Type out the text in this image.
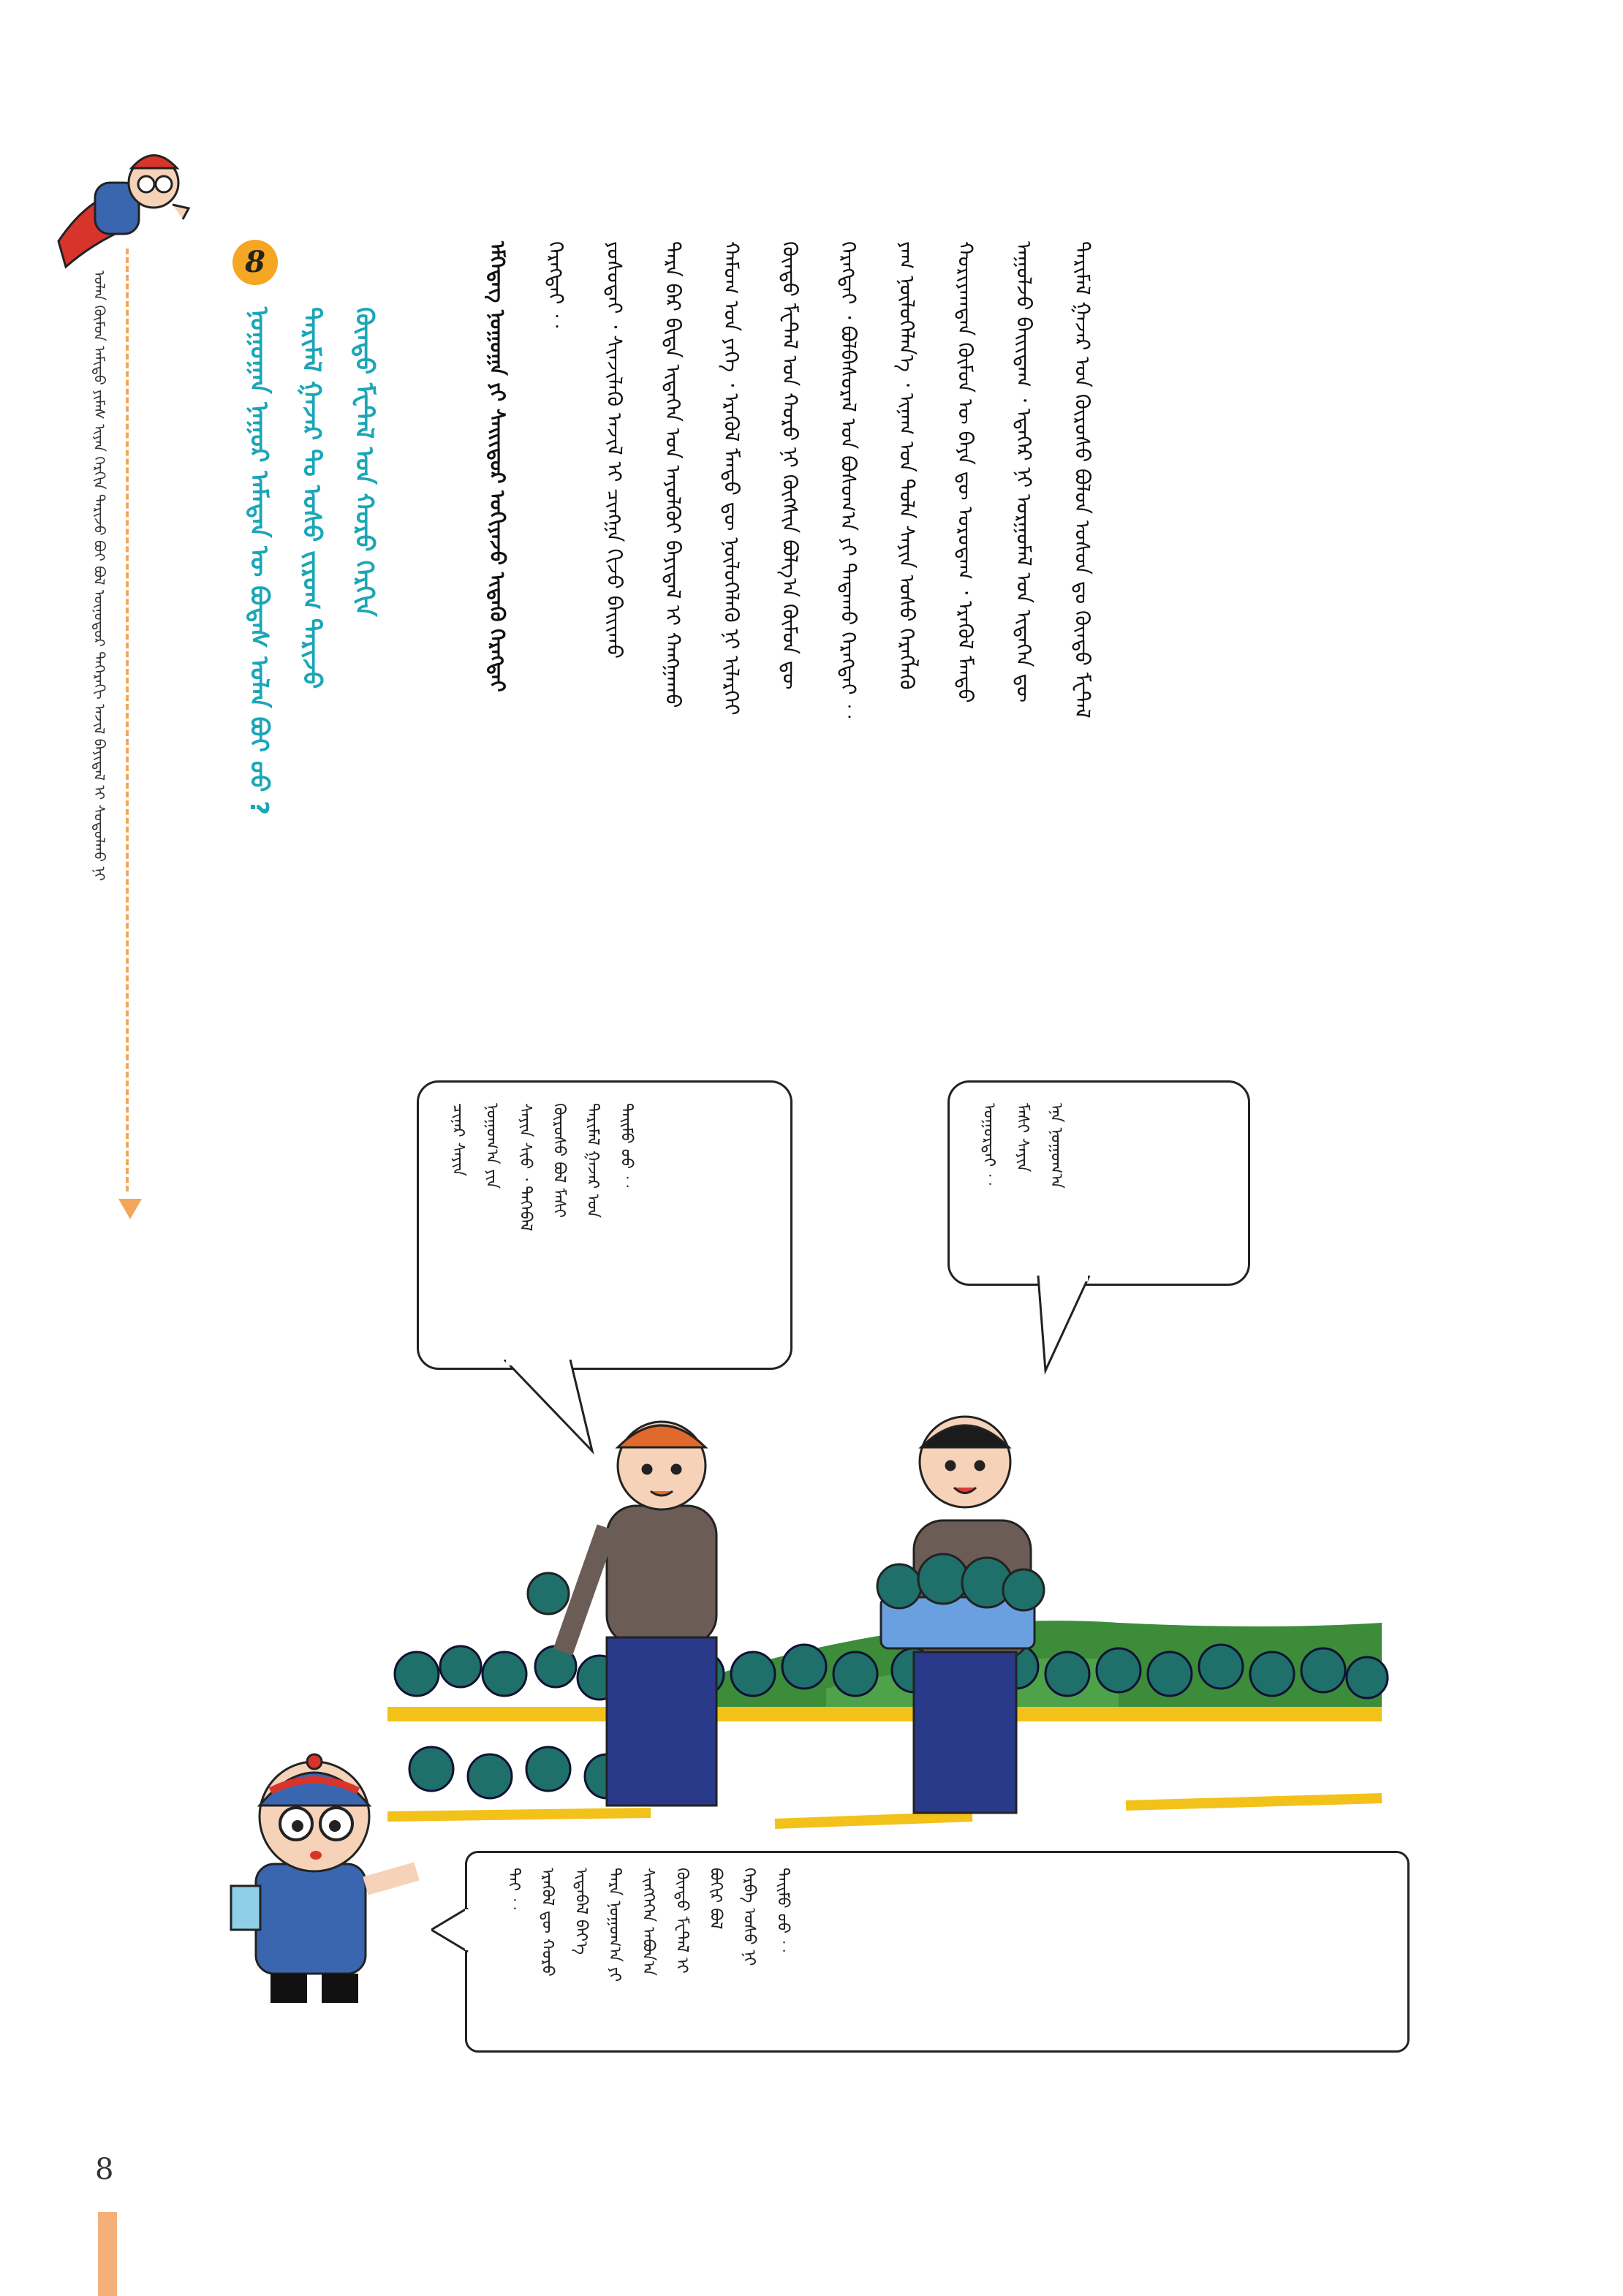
ᠤᠯᠠᠨ ᠬᠦᠮᠦᠨ ᠠᠮᠢᠳᠤ ᠶᠢᠮᠡᠰ ᠢᠶᠡᠨ ᠬᠡᠷᠬᠢᠨ ᠲᠠᠷᠢᠵᠤ ᠪᠤᠢ ᠪᠣᠯ ᠥᠨᠥᠳᠥᠷ ᠳᠡᠭᠡᠷᠡᠬᠢ ᠠᠵᠢᠯ ᠪᠠᠶᠢᠳᠠᠯ ᠢ ᠰᠤᠳᠤᠯᠬᠤ ᠨᠢ
8
ᠨᠤᠭᠤᠭᠠᠨ ᠨᠠᠭᠤᠷ ᠠᠮᠠᠲᠠᠨ ᠦ ᠪᠣᠳᠠᠰ ᠣᠯᠠᠨ ᠪᠣᠢ ᠤᠤ ? ᠲᠠᠷᠢᠮᠠᠯ ᠭᠠᠵᠠᠷ ᠲᠤ ᠤᠰᠤ ᠵᠢᠷᠤᠭ ᠲᠠᠷᠢᠵᠤ ᠬᠦᠨᠳᠦ ᠮᠧᠲ᠋ᠠᠯ ᠤᠨ ᠬᠣᠷᠤ ᠬᠡᠷᠬᠢᠨ	ᠡᠮᠬᠡᠳᠡᠭ ᠨᠣᠭᠣᠭᠠ ᠶᠢ ᠰᠠᠢᠢᠲᠤᠷ ᠤᠭᠢᠶᠠᠵᠤ ᠢᠳᠡᠬᠦ ᠬᠡᠷᠡᠭᠲᠡᠢ	ᠬᠡᠷᠡᠭᠲᠡᠢ ︰	ᠶᠤᠰᠤᠲᠠᠢ ᠂ ᠰᠢᠨᠵᠢᠯᠡᠬᠦ ᠠᠵᠢᠯ ᠢ ᠴᠢᠩᠭᠠ ᠬᠢᠵᠦ ᠪᠠᠢᠢᠬᠤ	ᠲᠡᠷᠡ ᠪᠡᠷ ᠪᠢᠳᠡ ᠢᠳᠡᠭᠡᠨ ᠤᠨ ᠠᠶᠤᠯᠭᠦᠢ ᠪᠠᠶᠢᠳᠠᠯ ᠢ ᠬᠠᠩᠭᠠᠬᠤ	ᠬᠠᠮᠤᠭ ᠤᠨ ᠶᠡᠬᠡ ᠂ ᠡᠷᠡᠭᠦᠯ ᠮᠡᠨᠳᠦ ᠳᠦ ᠨᠥᠯᠦᠭᠡᠯᠡᠬᠦ ᠨᠢ ᠢᠯᠡᠷᠬᠡᠢ	ᠬᠦᠨᠳᠦ ᠮᠧᠲ᠋ᠠᠯ ᠤᠨ ᠬᠣᠷᠤ ᠨᠢ ᠬᠥᠭᠰᠢᠨ ᠪᠣᠯᠭ᠎ᠠ ᠬᠦᠮᠦᠨ ᠳᠦ	ᠬᠡᠷᠡᠭᠲᠡᠢ ᠂ ᠪᠣᠯᠪᠠᠰᠤᠷᠠᠯ ᠤᠨ ᠪᠣᠰᠣᠭ᠎ᠠ ᠶᠢ ᠲᠠᠲᠠᠬᠤ ᠬᠡᠷᠡᠭᠲᠡᠢ ︰	ᠶᠠᠭ ᠨᠥᠯᠦᠭᠡᠯᠡᠨ᠎ᠡ ᠂ ᠢᠨᠠᠭ ᠤᠨ ᠲᠤᠯᠠ ᠰᠠᠶᠢᠨ ᠤᠰᠤ ᠬᠡᠷᠡᠭᠯᠡᠬᠦ	ᠬᠤᠷᠢᠶᠠᠭᠳᠠᠨ ᠬᠦᠮᠦᠨ ᠦ ᠪᠡᠶᠡ ᠳᠦ ᠣᠷᠣᠳᠠᠭ ᠂ ᠡᠷᠡᠭᠦᠯ ᠮᠡᠨᠳᠦ	ᠠᠭᠤᠯᠵᠤ ᠪᠠᠢᠢᠳᠠᠭ ᠂ ᠡᠳᠡᠭᠡᠷ ᠨᠢ ᠤᠷᠭᠤᠮᠠᠯ ᠤᠨ ᠢᠳᠡᠭᠡᠨ ᠳᠦ	ᠲᠠᠷᠢᠮᠠᠯ ᠭᠠᠵᠠᠷ ᠤᠨ ᠬᠥᠷᠥᠰᠦ ᠪᠣᠯᠤᠨ ᠤᠰᠤᠨ ᠳᠤ ᠬᠦᠨᠳᠦ ᠮᠧᠲ᠋ᠠᠯ
ᠡᠨᠡ ᠨᠣᠭᠣᠭ᠎ᠠ
ᠮᠠᠰᠢ ᠰᠠᠶᠢᠨ
ᠤᠭᠤᠷᠲᠠᠢ ︰
ᠲᠡᠢᠮᠦ ᠦᠦ ︰
ᠲᠠᠷᠢᠮᠠᠯ ᠭᠠᠵᠠᠷ ᠤᠨ
ᠬᠥᠷᠥᠰᠦ ᠪᠤᠯ ᠮᠠᠰᠢ
ᠰᠠᠶᠢᠨ ᠰᠢᠦ ᠂ ᠲᠡᠭᠡᠪᠡᠯ
ᠨᠣᠭᠣᠭ᠎ᠠ ᠶᠢᠨ
ᠴᠢᠨᠠᠷ ᠰᠠᠶᠢᠨ
ᠲᠡᠢᠮᠦ ᠦᠦ ︰
ᠬᠡᠷᠪᠡ ᠤᠰᠤ ᠨᠢ
ᠪᠣᠬᠢᠷ ᠪᠣᠯ
ᠬᠦᠨᠳᠦ ᠮᠧᠲ᠋ᠠᠯ ᠢ
ᠰᠢᠩᠭᠡᠭᠡᠨ ᠠᠪᠤᠨ᠎ᠠ
ᠲᠡᠷᠡ ᠨᠣᠭᠣᠭ᠎ᠠ ᠶᠢ
ᠢᠳᠡᠪᠡᠯ ᠪᠡᠶ᠎ᠡ
ᠡᠷᠡᠭᠦᠯ ᠳᠦ ᠬᠣᠷᠤ
ᠲᠠᠢ ︰
8
